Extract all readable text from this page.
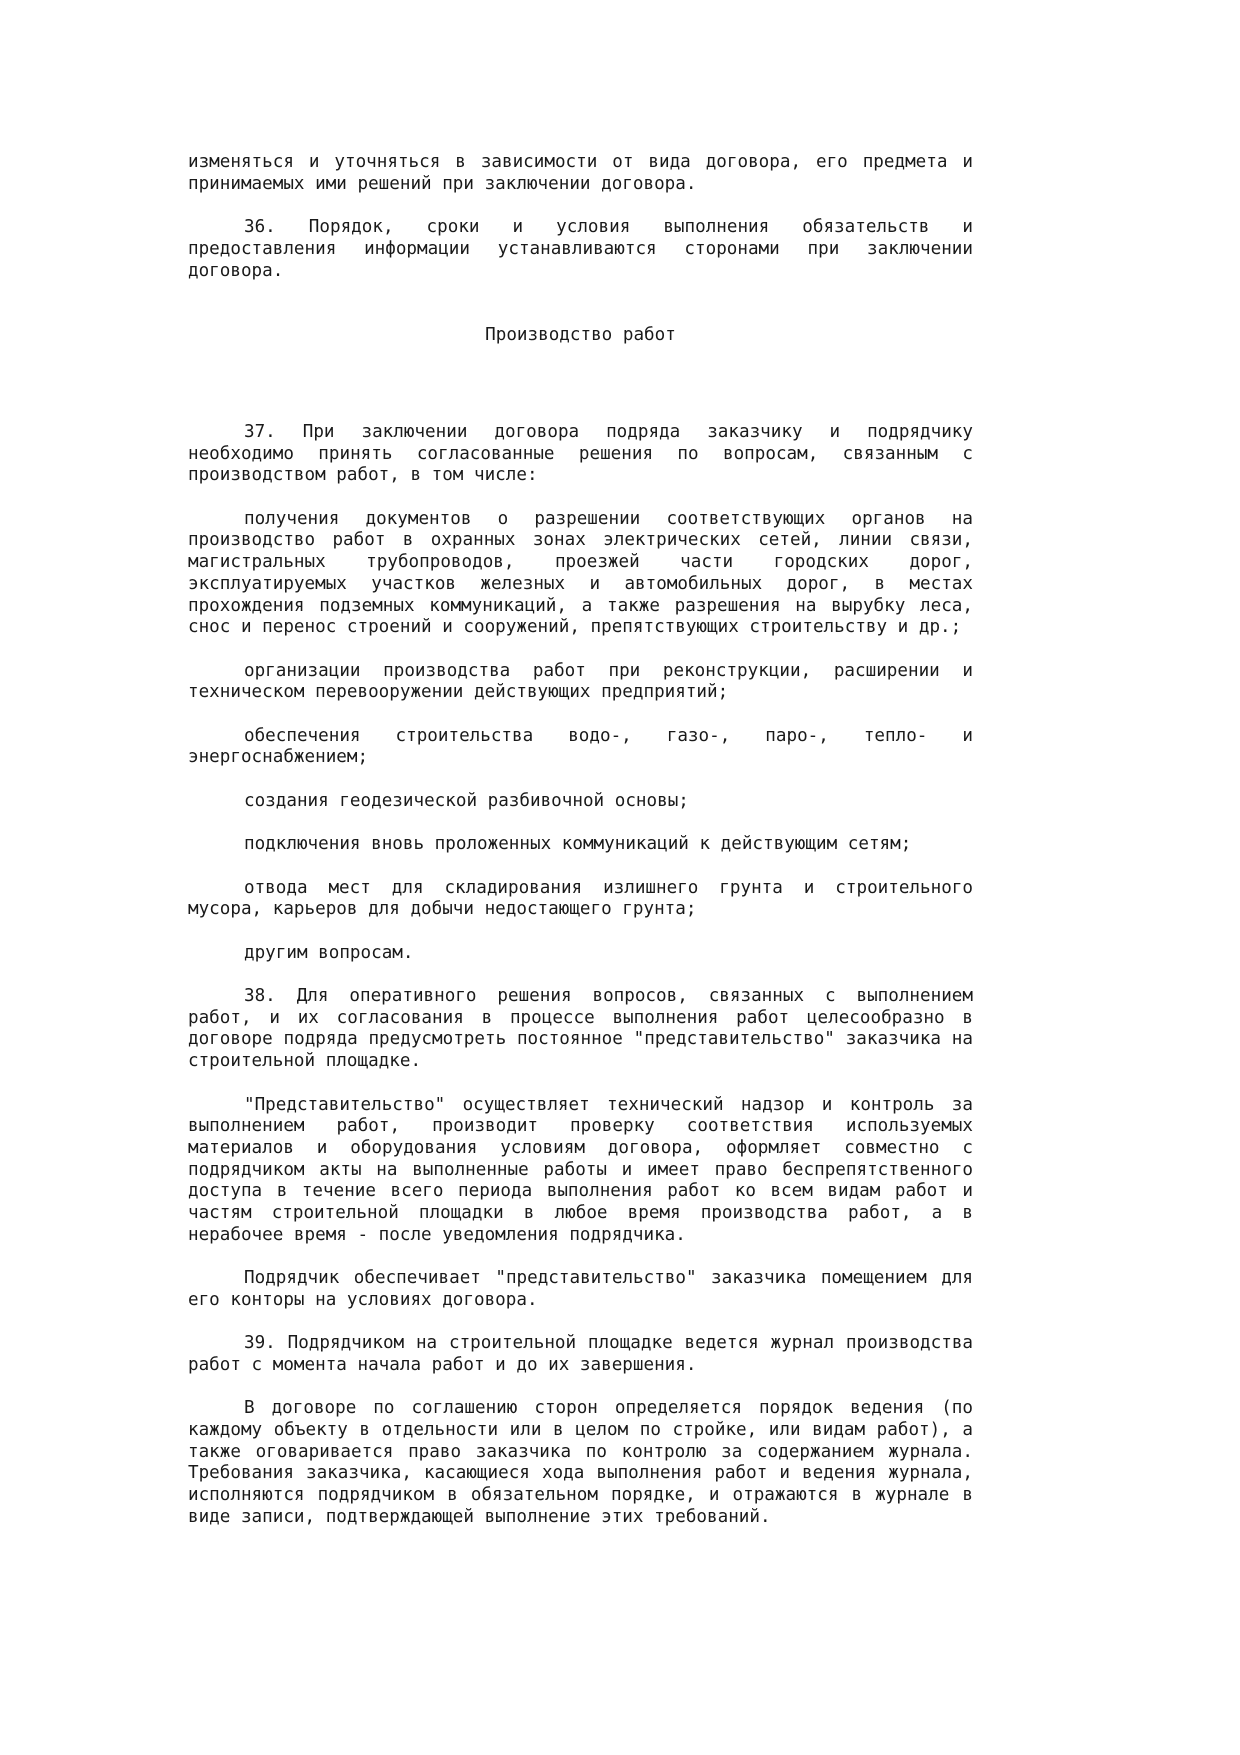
изменяться и уточняться в зависимости от вида договора, его предмета и принимаемых ими решений при заключении договора.

36. Порядок, сроки и условия выполнения обязательств и предоставления информации устанавливаются сторонами при заключении договора.

Производство работ

37. При заключении договора подряда заказчику и подрядчику необходимо принять согласованные решения по вопросам, связанным с производством работ, в том числе:

получения документов о разрешении соответствующих органов на производство работ в охранных зонах электрических сетей, линии связи, магистральных трубопроводов, проезжей части городских дорог, эксплуатируемых участков железных и автомобильных дорог, в местах прохождения подземных коммуникаций, а также разрешения на вырубку леса, снос и перенос строений и сооружений, препятствующих строительству и др.;

организации производства работ при реконструкции, расширении и техническом перевооружении действующих предприятий;

обеспечения строительства водо-, газо-, паро-, тепло- и энергоснабжением;

создания геодезической разбивочной основы;

подключения вновь проложенных коммуникаций к действующим сетям;

отвода мест для складирования излишнего грунта и строительного мусора, карьеров для добычи недостающего грунта;

другим вопросам.

38. Для оперативного решения вопросов, связанных с выполнением работ, и их согласования в процессе выполнения работ целесообразно в договоре подряда предусмотреть постоянное "представительство" заказчика на строительной площадке.

"Представительство" осуществляет технический надзор и контроль за выполнением работ, производит проверку соответствия используемых материалов и оборудования условиям договора, оформляет совместно с подрядчиком акты на выполненные работы и имеет право беспрепятственного доступа в течение всего периода выполнения работ ко всем видам работ и частям строительной площадки в любое время производства работ, а в нерабочее время - после уведомления подрядчика.

Подрядчик обеспечивает "представительство" заказчика помещением для его конторы на условиях договора.

39. Подрядчиком на строительной площадке ведется журнал производства работ с момента начала работ и до их завершения.

В договоре по соглашению сторон определяется порядок ведения (по каждому объекту в отдельности или в целом по стройке, или видам работ), а также оговаривается право заказчика по контролю за содержанием журнала. Требования заказчика, касающиеся хода выполнения работ и ведения журнала, исполняются подрядчиком в обязательном порядке, и отражаются в журнале в виде записи, подтверждающей выполнение этих требований.
